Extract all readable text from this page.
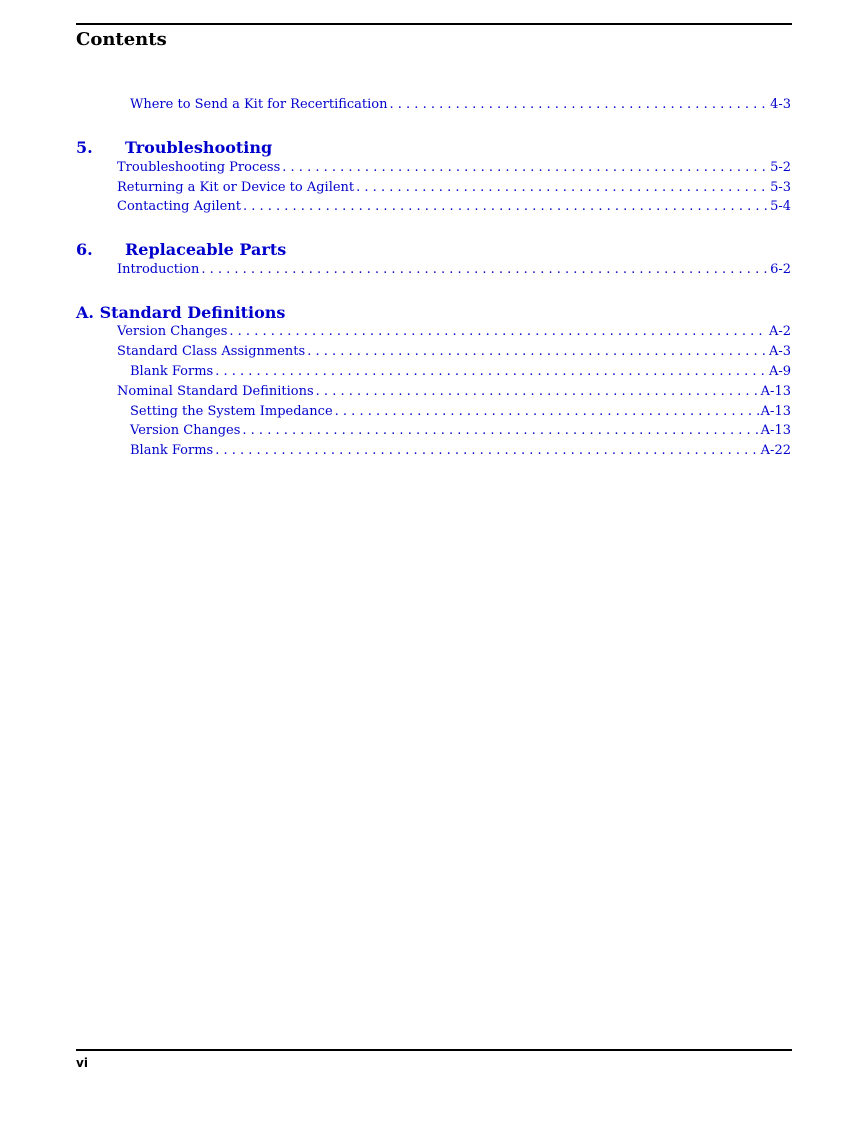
Contents
Where to Send a Kit for Recertification . . .	4-3
5. Troubleshooting
Troubleshooting Process . . .	5-2
Returning a Kit or Device to Agilent . . .	5-3
Contacting Agilent . . .	5-4
6. Replaceable Parts
Introduction . . .	6-2
A. Standard Definitions
Version Changes . . .	A-2
Standard Class Assignments . . .	A-3
Blank Forms . . .	A-9
Nominal Standard Definitions . . .	A-13
Setting the System Impedance . . .	A-13
Version Changes . . .	A-13
Blank Forms . . .	A-22
vi
